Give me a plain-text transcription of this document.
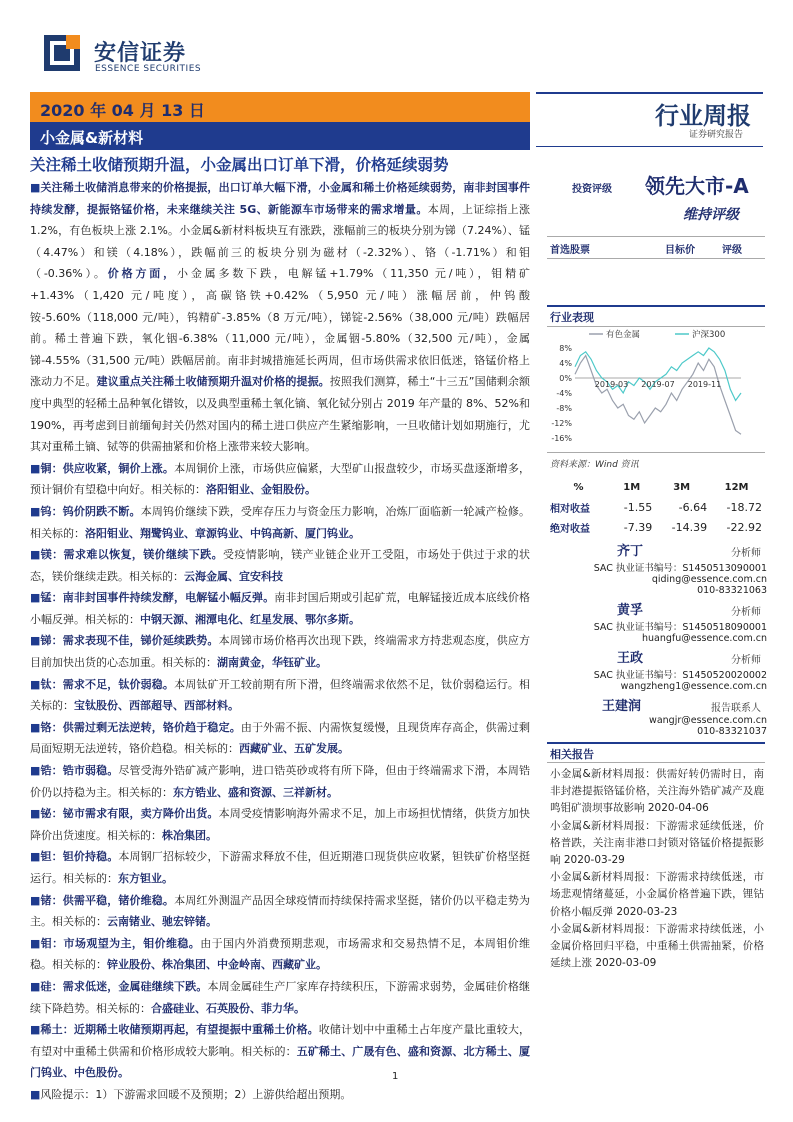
安信证券
ESSENCE SECURITIES
2020 年 04 月 13 日
小金属&新材料
行业周报
证券研究报告
关注稀土收储预期升温，小金属出口订单下滑，价格延续弱势

■关注稀土收储消息带来的价格提振，出口订单大幅下滑，小金属和稀土价格延续弱势，南非封国事件持续发酵，提振铬锰价格，未来继续关注 5G、新能源车市场带来的需求增量。本周，上证综指上涨 1.2%，有色板块上涨 2.1%。小金属&新材料板块互有涨跌，涨幅前三的板块分别为锑（7.24%）、锰（4.47%）和镁（4.18%），跌幅前三的板块分别为磁材（-2.32%）、铬（-1.71%）和钼（-0.36%）。价格方面，小金属多数下跌，电解锰+1.79%（11,350 元/吨），钼精矿+1.43%（1,420 元/吨度），高碳铬铁+0.42%（5,950 元/吨）涨幅居前，仲钨酸铵-5.60%（118,000 元/吨），钨精矿-3.85%（8 万元/吨），锑锭-2.56%（38,000 元/吨）跌幅居前。稀土普遍下跌，氧化铟-6.38%（11,000 元/吨），金属铟-5.80%（32,500 元/吨），金属锑-4.55%（31,500 元/吨）跌幅居前。南非封城措施延长两周，但市场供需求依旧低迷，铬锰价格上涨动力不足。建议重点关注稀土收储预期升温对价格的提振。按照我们测算，稀土“十三五”国储剩余额度中典型的轻稀土品种氧化镨钕，以及典型重稀土氧化镝、氧化铽分别占 2019 年产量的 8%、52%和 190%，再考虑到目前缅甸封关仍然对国内的稀土进口供应产生紧缩影响，一旦收储计划如期施行，尤其对重稀土镝、铽等的供需抽紧和价格上涨带来较大影响。

■铜：供应收紧，铜价上涨。本周铜价上涨，市场供应偏紧，大型矿山报盘较少，市场买盘逐渐增多，预计铜价有望稳中向好。相关标的：洛阳钼业、金钼股份。

■钨：钨价阴跌不断。本周钨价继续下跌，受库存压力与资金压力影响，冶炼厂面临新一轮减产检修。相关标的：洛阳钼业、翔鹭钨业、章源钨业、中钨高新、厦门钨业。

■镁：需求难以恢复，镁价继续下跌。受疫情影响，镁产业链企业开工受阻，市场处于供过于求的状态，镁价继续走跌。相关标的：云海金属、宜安科技

■锰：南非封国事件持续发酵，电解锰小幅反弹。南非封国后期或引起矿荒，电解锰接近成本底线价格小幅反弹。相关标的：中钢天源、湘潭电化、红星发展、鄂尔多斯。

■锑：需求表现不佳，锑价延续跌势。本周锑市场价格再次出现下跌，终端需求方持悲观态度，供应方目前加快出货的心态加重。相关标的：湖南黄金，华钰矿业。

■钛：需求不足，钛价弱稳。本周钛矿开工较前期有所下滑，但终端需求依然不足，钛价弱稳运行。相关标的：宝钛股份、西部超导、西部材料。

■铬：供需过剩无法逆转，铬价趋于稳定。由于外需不振、内需恢复缓慢，且现货库存高企，供需过剩局面短期无法逆转，铬价趋稳。相关标的：西藏矿业、五矿发展。

■锆：锆市弱稳。尽管受海外锆矿减产影响，进口锆英砂或将有所下降，但由于终端需求下滑，本周锆价仍以持稳为主。相关标的：东方锆业、盛和资源、三祥新材。

■铋：铋市需求有限，卖方降价出货。本周受疫情影响海外需求不足，加上市场担忧情绪，供货方加快降价出货速度。相关标的：株冶集团。

■钽：钽价持稳。本周钢厂招标较少，下游需求释放不佳，但近期港口现货供应收紧，钽铁矿价格坚挺运行。相关标的：东方钽业。

■锗：供需平稳，锗价维稳。本周红外测温产品因全球疫情而持续保持需求坚挺，锗价仍以平稳走势为主。相关标的：云南锗业、驰宏锌锗。

■钼：市场观望为主，钼价维稳。由于国内外消费预期悲观，市场需求和交易热情不足，本周钼价维稳。相关标的：锌业股份、株冶集团、中金岭南、西藏矿业。

■硅：需求低迷，金属硅继续下跌。本周金属硅生产厂家库存持续积压，下游需求弱势，金属硅价格继续下降趋势。相关标的：合盛硅业、石英股份、菲力华。

■稀土：近期稀土收储预期再起，有望提振中重稀土价格。收储计划中中重稀土占年度产量比重较大，有望对中重稀土供需和价格形成较大影响。相关标的：五矿稀土、广晟有色、盛和资源、北方稀土、厦门钨业、中色股份。

■风险提示：1）下游需求回暖不及预期；2）上游供给超出预期。

投资评级 领先大市-A
维持评级
首选股票	目标价	评级
行业表现
8%
4%
0%
-4%
-8%
-12%
-16%
2019-03 2019-07 2019-11
有色金属	沪深300
资料来源：Wind 资讯
%	1M	3M	12M
相对收益	-1.55	-6.64	-18.72
绝对收益	-7.39	-14.39	-22.92
齐丁	分析师
SAC 执业证书编号：S1450513090001
qiding@essence.com.cn
010-83321063
黄孚	分析师
SAC 执业证书编号：S1450518090001
huangfu@essence.com.cn
王政	分析师
SAC 执业证书编号：S1450520020002
wangzheng1@essence.com.cn
王建润	报告联系人
wangjr@essence.com.cn
010-83321037
相关报告
小金属&新材料周报：供需好转仍需时日，南非封港提振铬锰价格，关注海外锆矿减产及鹿鸣钼矿溃坝事故影响 2020-04-06
小金属&新材料周报：下游需求延续低迷，价格普跌，关注南非港口封锁对铬锰价格提振影响 2020-03-29
小金属&新材料周报：下游需求持续低迷，市场悲观情绪蔓延，小金属价格普遍下跌，锂钴价格小幅反弹 2020-03-23
小金属&新材料周报：下游需求持续低迷，小金属价格回归平稳，中重稀土供需抽紧，价格延续上涨 2020-03-09
1
